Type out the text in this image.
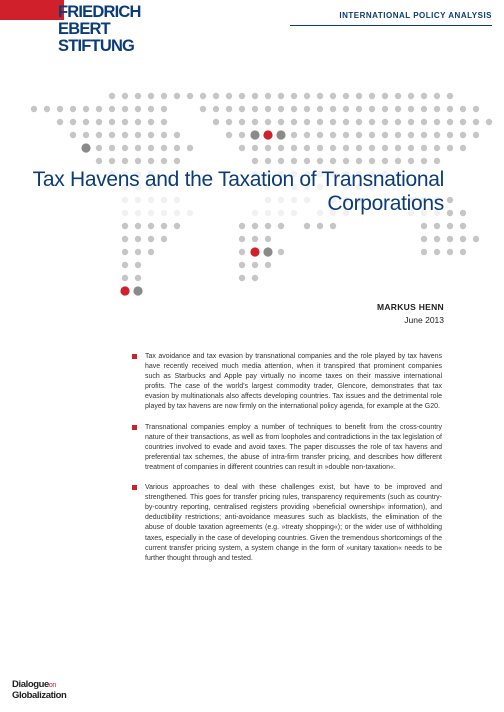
FRIEDRICH EBERT STIFTUNG
INTERNATIONAL POLICY ANALYSIS
Tax Havens and the Taxation of Transnational Corporations
MARKUS HENN
June 2013
Tax avoidance and tax evasion by transnational companies and the role played by tax havens have recently received much media attention, when it transpired that prominent companies such as Starbucks and Apple pay virtually no income taxes on their massive international profits. The case of the world’s largest commodity trader, Glencore, demonstrates that tax evasion by multinationals also affects developing countries. Tax issues and the detrimental role played by tax havens are now firmly on the international policy agenda, for example at the G20.
Transnational companies employ a number of techniques to benefit from the cross-country nature of their transactions, as well as from loopholes and contradictions in the tax legislation of countries involved to evade and avoid taxes. The paper discusses the role of tax havens and preferential tax schemes, the abuse of intra-firm transfer pricing, and describes how different treatment of companies in different countries can result in »double non-taxation«.
Various approaches to deal with these challenges exist, but have to be improved and strengthened. This goes for transfer pricing rules, transparency requirements (such as country-by-country reporting, centralised registers providing »beneficial ownership« information), and deductibility restrictions; anti-avoidance measures such as blacklists, the elimination of the abuse of double taxation agreements (e.g. »treaty shopping«); or the wider use of withholding taxes, especially in the case of developing countries. Given the tremendous shortcomings of the current transfer pricing system, a system change in the form of »unitary taxation« needs to be further thought through and tested.
Dialogueon
Globalization
